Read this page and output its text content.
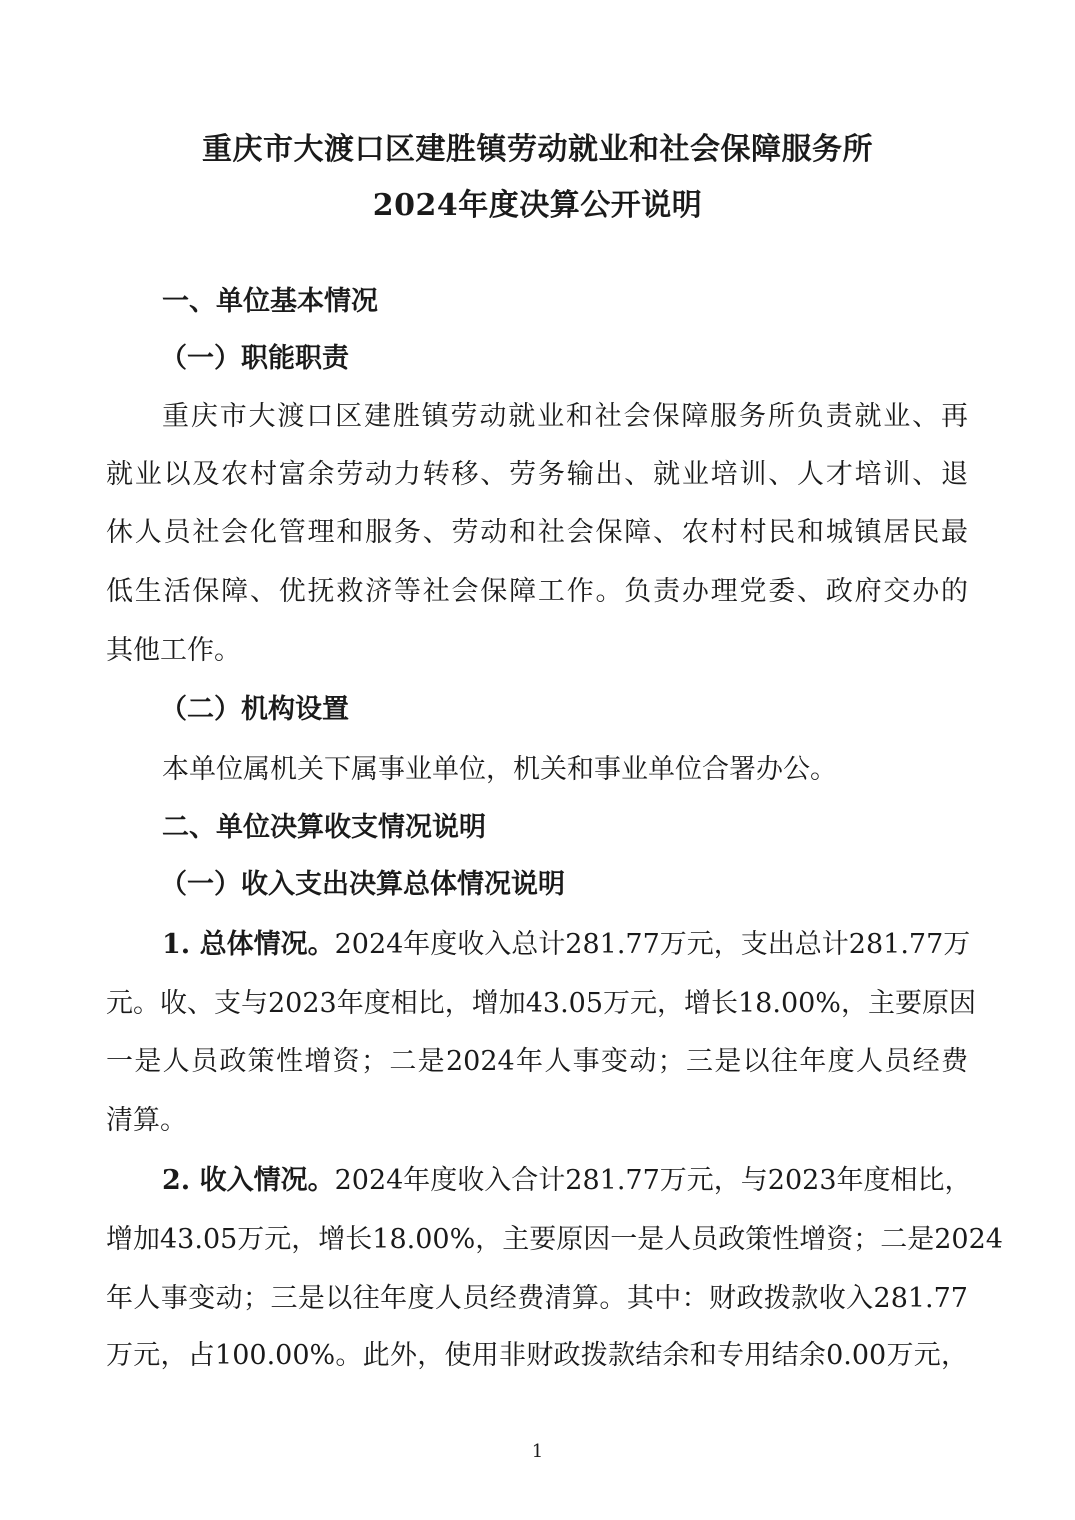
重庆市大渡口区建胜镇劳动就业和社会保障服务所
2024年度决算公开说明
一、单位基本情况
（一）职能职责
重庆市大渡口区建胜镇劳动就业和社会保障服务所负责就业、再
就业以及农村富余劳动力转移、劳务输出、就业培训、人才培训、退
休人员社会化管理和服务、劳动和社会保障、农村村民和城镇居民最
低生活保障、优抚救济等社会保障工作。负责办理党委、政府交办的
其他工作。
（二）机构设置
本单位属机关下属事业单位，机关和事业单位合署办公。
二、单位决算收支情况说明
（一）收入支出决算总体情况说明
1. 总体情况。2024年度收入总计281.77万元，支出总计281.77万
元。收、支与2023年度相比，增加43.05万元，增长18.00%，主要原因
一是人员政策性增资；二是2024年人事变动；三是以往年度人员经费
清算。
2. 收入情况。2024年度收入合计281.77万元，与2023年度相比，
增加43.05万元，增长18.00%，主要原因一是人员政策性增资；二是2024
年人事变动；三是以往年度人员经费清算。其中：财政拨款收入281.77
万元，占100.00%。此外，使用非财政拨款结余和专用结余0.00万元，
1
